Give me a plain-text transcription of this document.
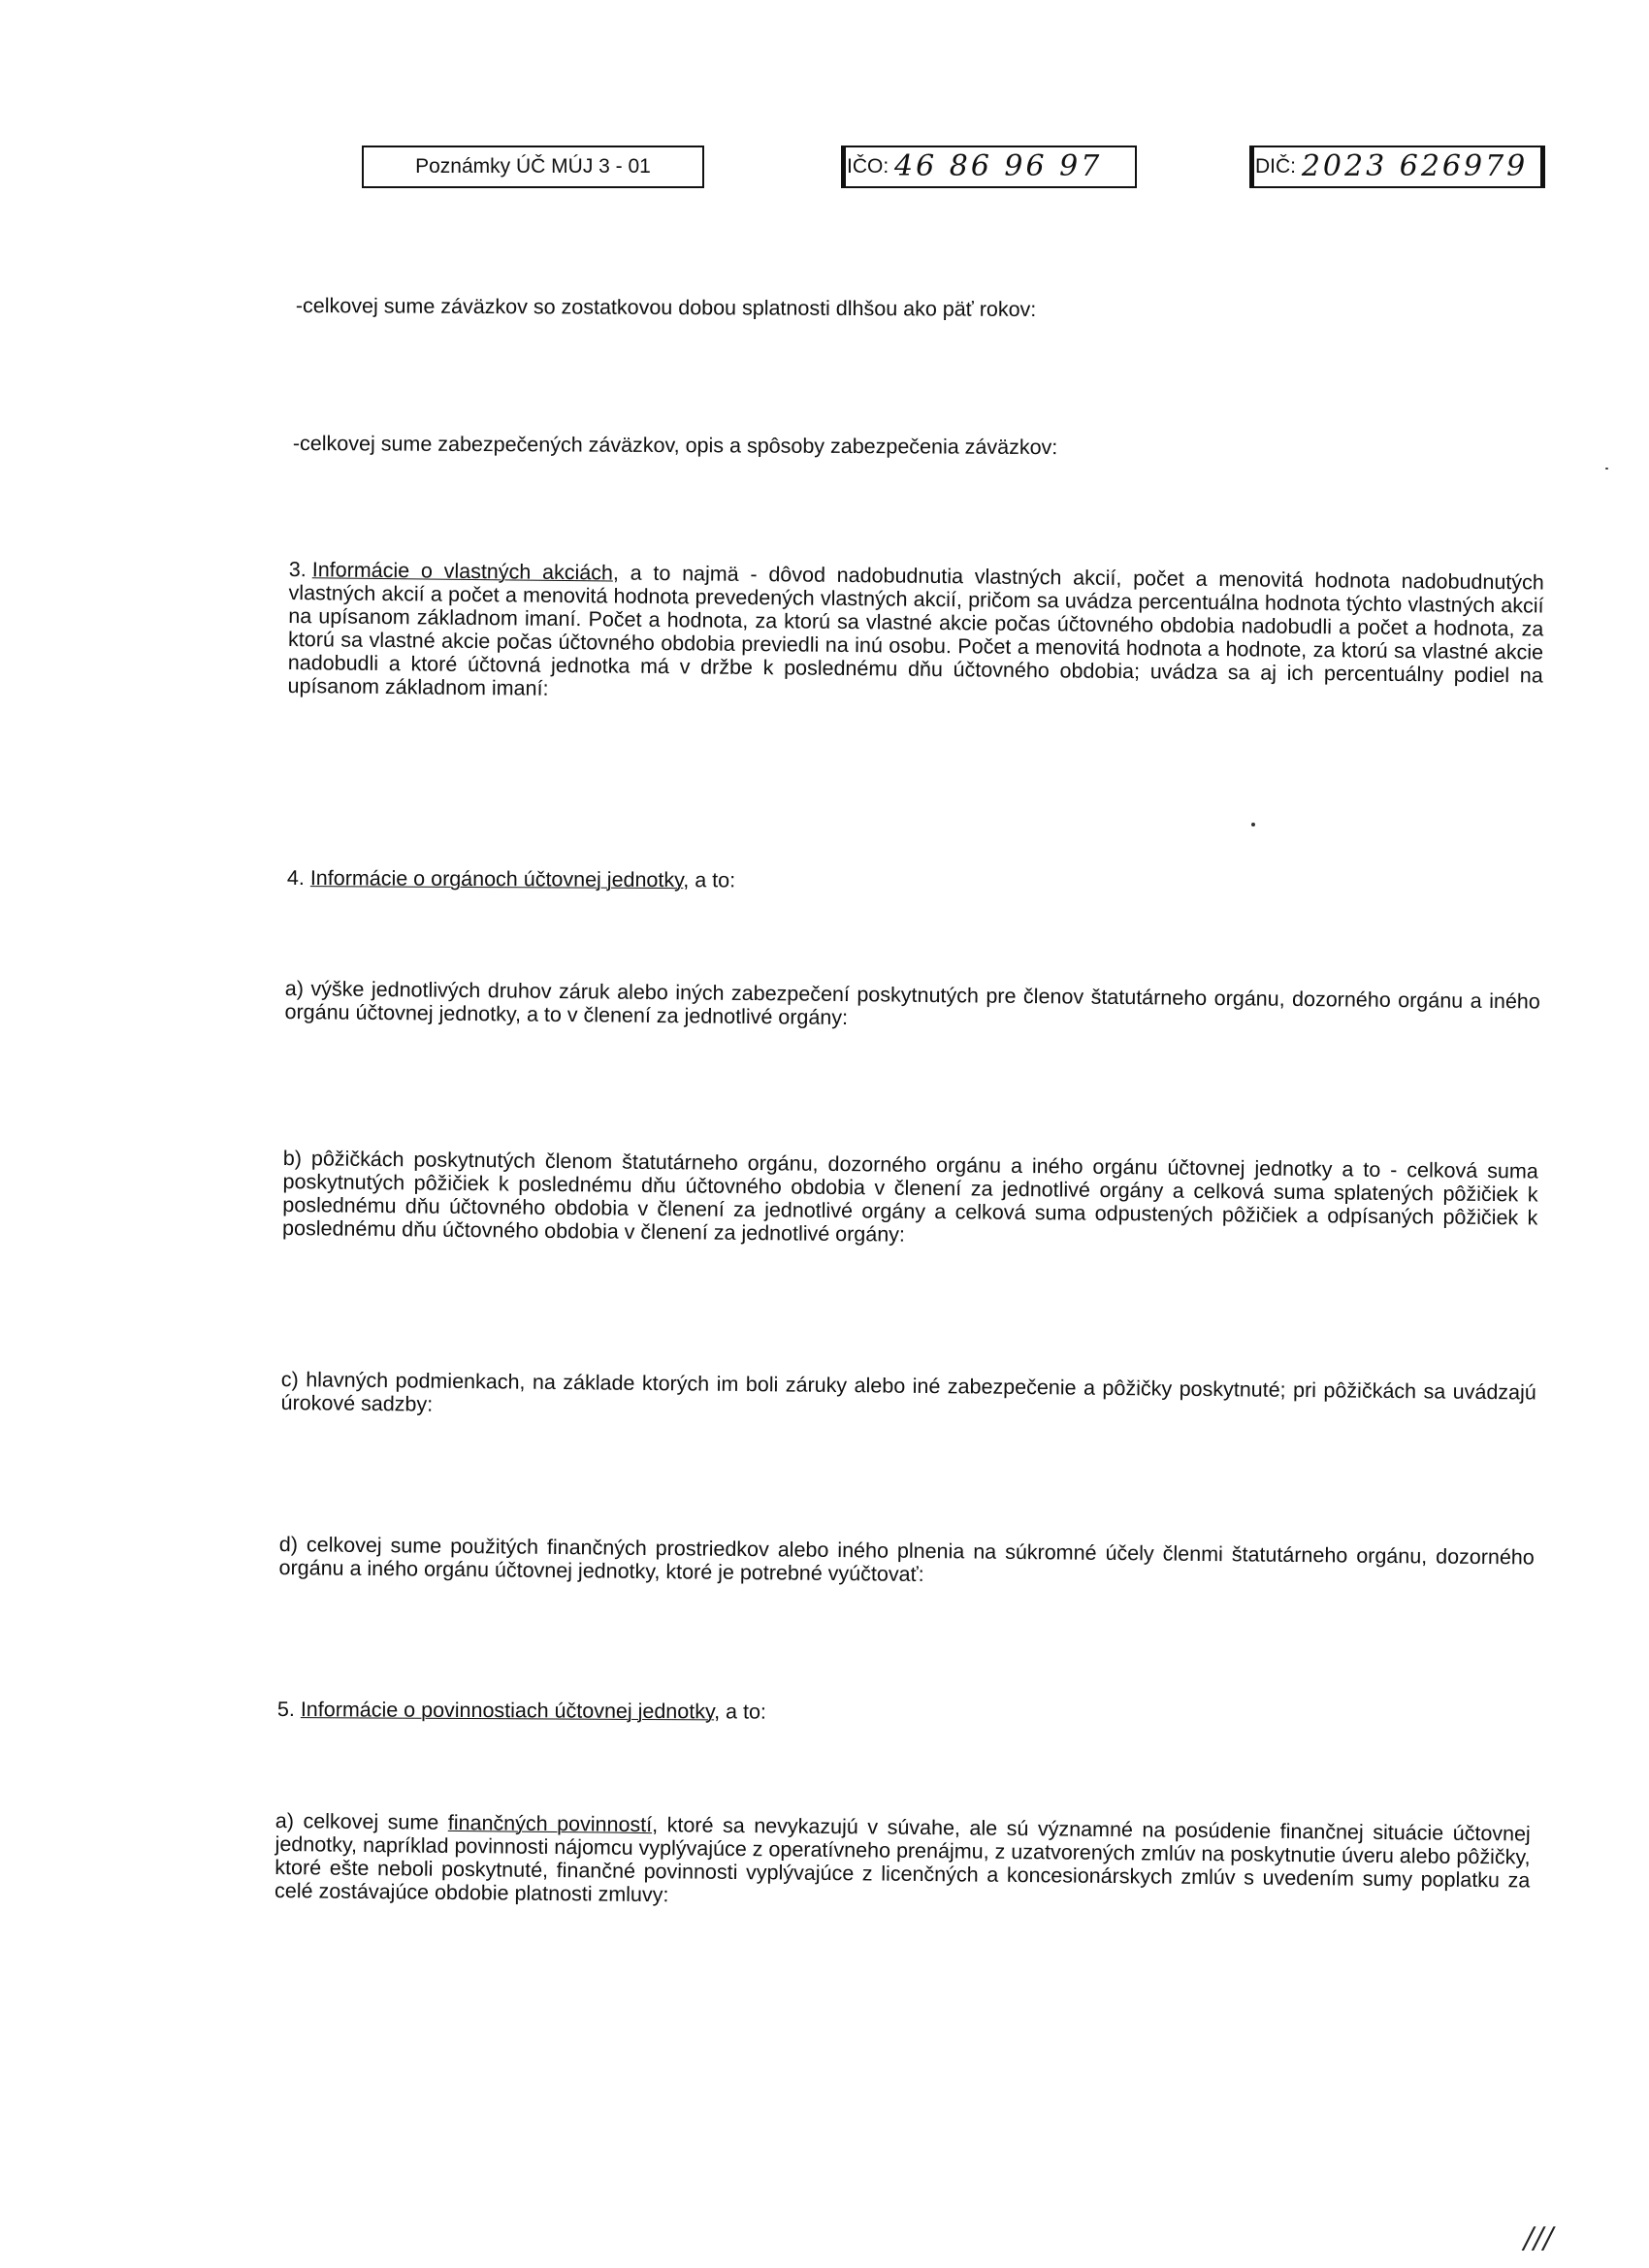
Poznámky ÚČ MÚJ 3 - 01	IČO: 46 86 96 97	DIČ: 2023 626979

-celkovej sume záväzkov so zostatkovou dobou splatnosti dlhšou ako päť rokov:

-celkovej sume zabezpečených záväzkov, opis a spôsoby zabezpečenia záväzkov:

3. Informácie o vlastných akciách, a to najmä - dôvod nadobudnutia vlastných akcií, počet a menovitá hodnota nadobudnutých vlastných akcií a počet a menovitá hodnota prevedených vlastných akcií, pričom sa uvádza percentuálna hodnota týchto vlastných akcií na upísanom základnom imaní. Počet a hodnota, za ktorú sa vlastné akcie počas účtovného obdobia nadobudli a počet a hodnota, za ktorú sa vlastné akcie počas účtovného obdobia previedli na inú osobu. Počet a menovitá hodnota a hodnote, za ktorú sa vlastné akcie nadobudli a ktoré účtovná jednotka má v držbe k poslednému dňu účtovného obdobia; uvádza sa aj ich percentuálny podiel na upísanom základnom imaní:

4. Informácie o orgánoch účtovnej jednotky, a to:

a) výške jednotlivých druhov záruk alebo iných zabezpečení poskytnutých pre členov štatutárneho orgánu, dozorného orgánu a iného orgánu účtovnej jednotky, a to v členení za jednotlivé orgány:

b) pôžičkách poskytnutých členom štatutárneho orgánu, dozorného orgánu a iného orgánu účtovnej jednotky a to - celková suma poskytnutých pôžičiek k poslednému dňu účtovného obdobia v členení za jednotlivé orgány a celková suma splatených pôžičiek k poslednému dňu účtovného obdobia v členení za jednotlivé orgány a celková suma odpustených pôžičiek a odpísaných pôžičiek k poslednému dňu účtovného obdobia v členení za jednotlivé orgány:

c) hlavných podmienkach, na základe ktorých im boli záruky alebo iné zabezpečenie a pôžičky poskytnuté; pri pôžičkách sa uvádzajú úrokové sadzby:

d) celkovej sume použitých finančných prostriedkov alebo iného plnenia na súkromné účely členmi štatutárneho orgánu, dozorného orgánu a iného orgánu účtovnej jednotky, ktoré je potrebné vyúčtovať:

5. Informácie o povinnostiach účtovnej jednotky, a to:

a) celkovej sume finančných povinností, ktoré sa nevykazujú v súvahe, ale sú významné na posúdenie finančnej situácie účtovnej jednotky, napríklad povinnosti nájomcu vyplývajúce z operatívneho prenájmu, z uzatvorených zmlúv na poskytnutie úveru alebo pôžičky, ktoré ešte neboli poskytnuté, finančné povinnosti vyplývajúce z licenčných a koncesionárskych zmlúv s uvedením sumy poplatku za celé zostávajúce obdobie platnosti zmluvy:

///
